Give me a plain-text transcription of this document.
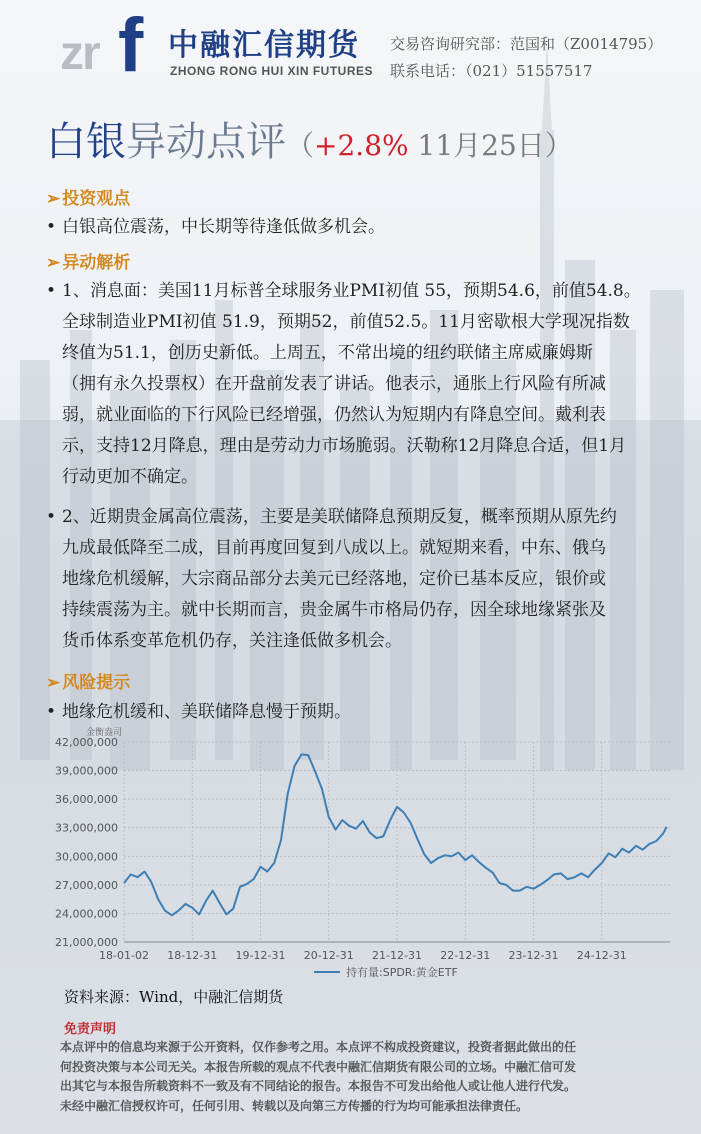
zr f 中融汇信期货
ZHONG RONG HUI XIN FUTURES
交易咨询研究部：范国和（Z0014795）
联系电话：（021）51557517
白银异动点评（+2.8% 11月25日）
➢ 投资观点
• 白银高位震荡，中长期等待逢低做多机会。
➢ 异动解析
• 1、消息面：美国11月标普全球服务业PMI初值 55，预期54.6，前值54.8。
全球制造业PMI初值 51.9，预期52，前值52.5。11月密歇根大学现况指数
终值为51.1，创历史新低。上周五，不常出境的纽约联储主席威廉姆斯
（拥有永久投票权）在开盘前发表了讲话。他表示，通胀上行风险有所减
弱，就业面临的下行风险已经增强，仍然认为短期内有降息空间。戴利表
示，支持12月降息，理由是劳动力市场脆弱。沃勒称12月降息合适，但1月
行动更加不确定。
• 2、近期贵金属高位震荡，主要是美联储降息预期反复，概率预期从原先约
九成最低降至二成，目前再度回复到八成以上。就短期来看，中东、俄乌
地缘危机缓解，大宗商品部分去美元已经落地，定价已基本反应，银价或
持续震荡为主。就中长期而言，贵金属牛市格局仍存，因全球地缘紧张及
货币体系变革危机仍存，关注逢低做多机会。
➢ 风险提示
• 地缘危机缓和、美联储降息慢于预期。
金衡盎司
42,000,000
39,000,000
36,000,000
33,000,000
30,000,000
27,000,000
24,000,000
21,000,000
18-01-02 18-12-31 19-12-31 20-12-31 21-12-31 22-12-31 23-12-31 24-12-31
持有量:SPDR:黄金ETF
资料来源：Wind，中融汇信期货
免责声明
本点评中的信息均来源于公开资料，仅作参考之用。本点评不构成投资建议，投资者据此做出的任
何投资决策与本公司无关。本报告所载的观点不代表中融汇信期货有限公司的立场。中融汇信可发
出其它与本报告所载资料不一致及有不同结论的报告。本报告不可发出给他人或让他人进行代发。
未经中融汇信授权许可，任何引用、转载以及向第三方传播的行为均可能承担法律责任。
